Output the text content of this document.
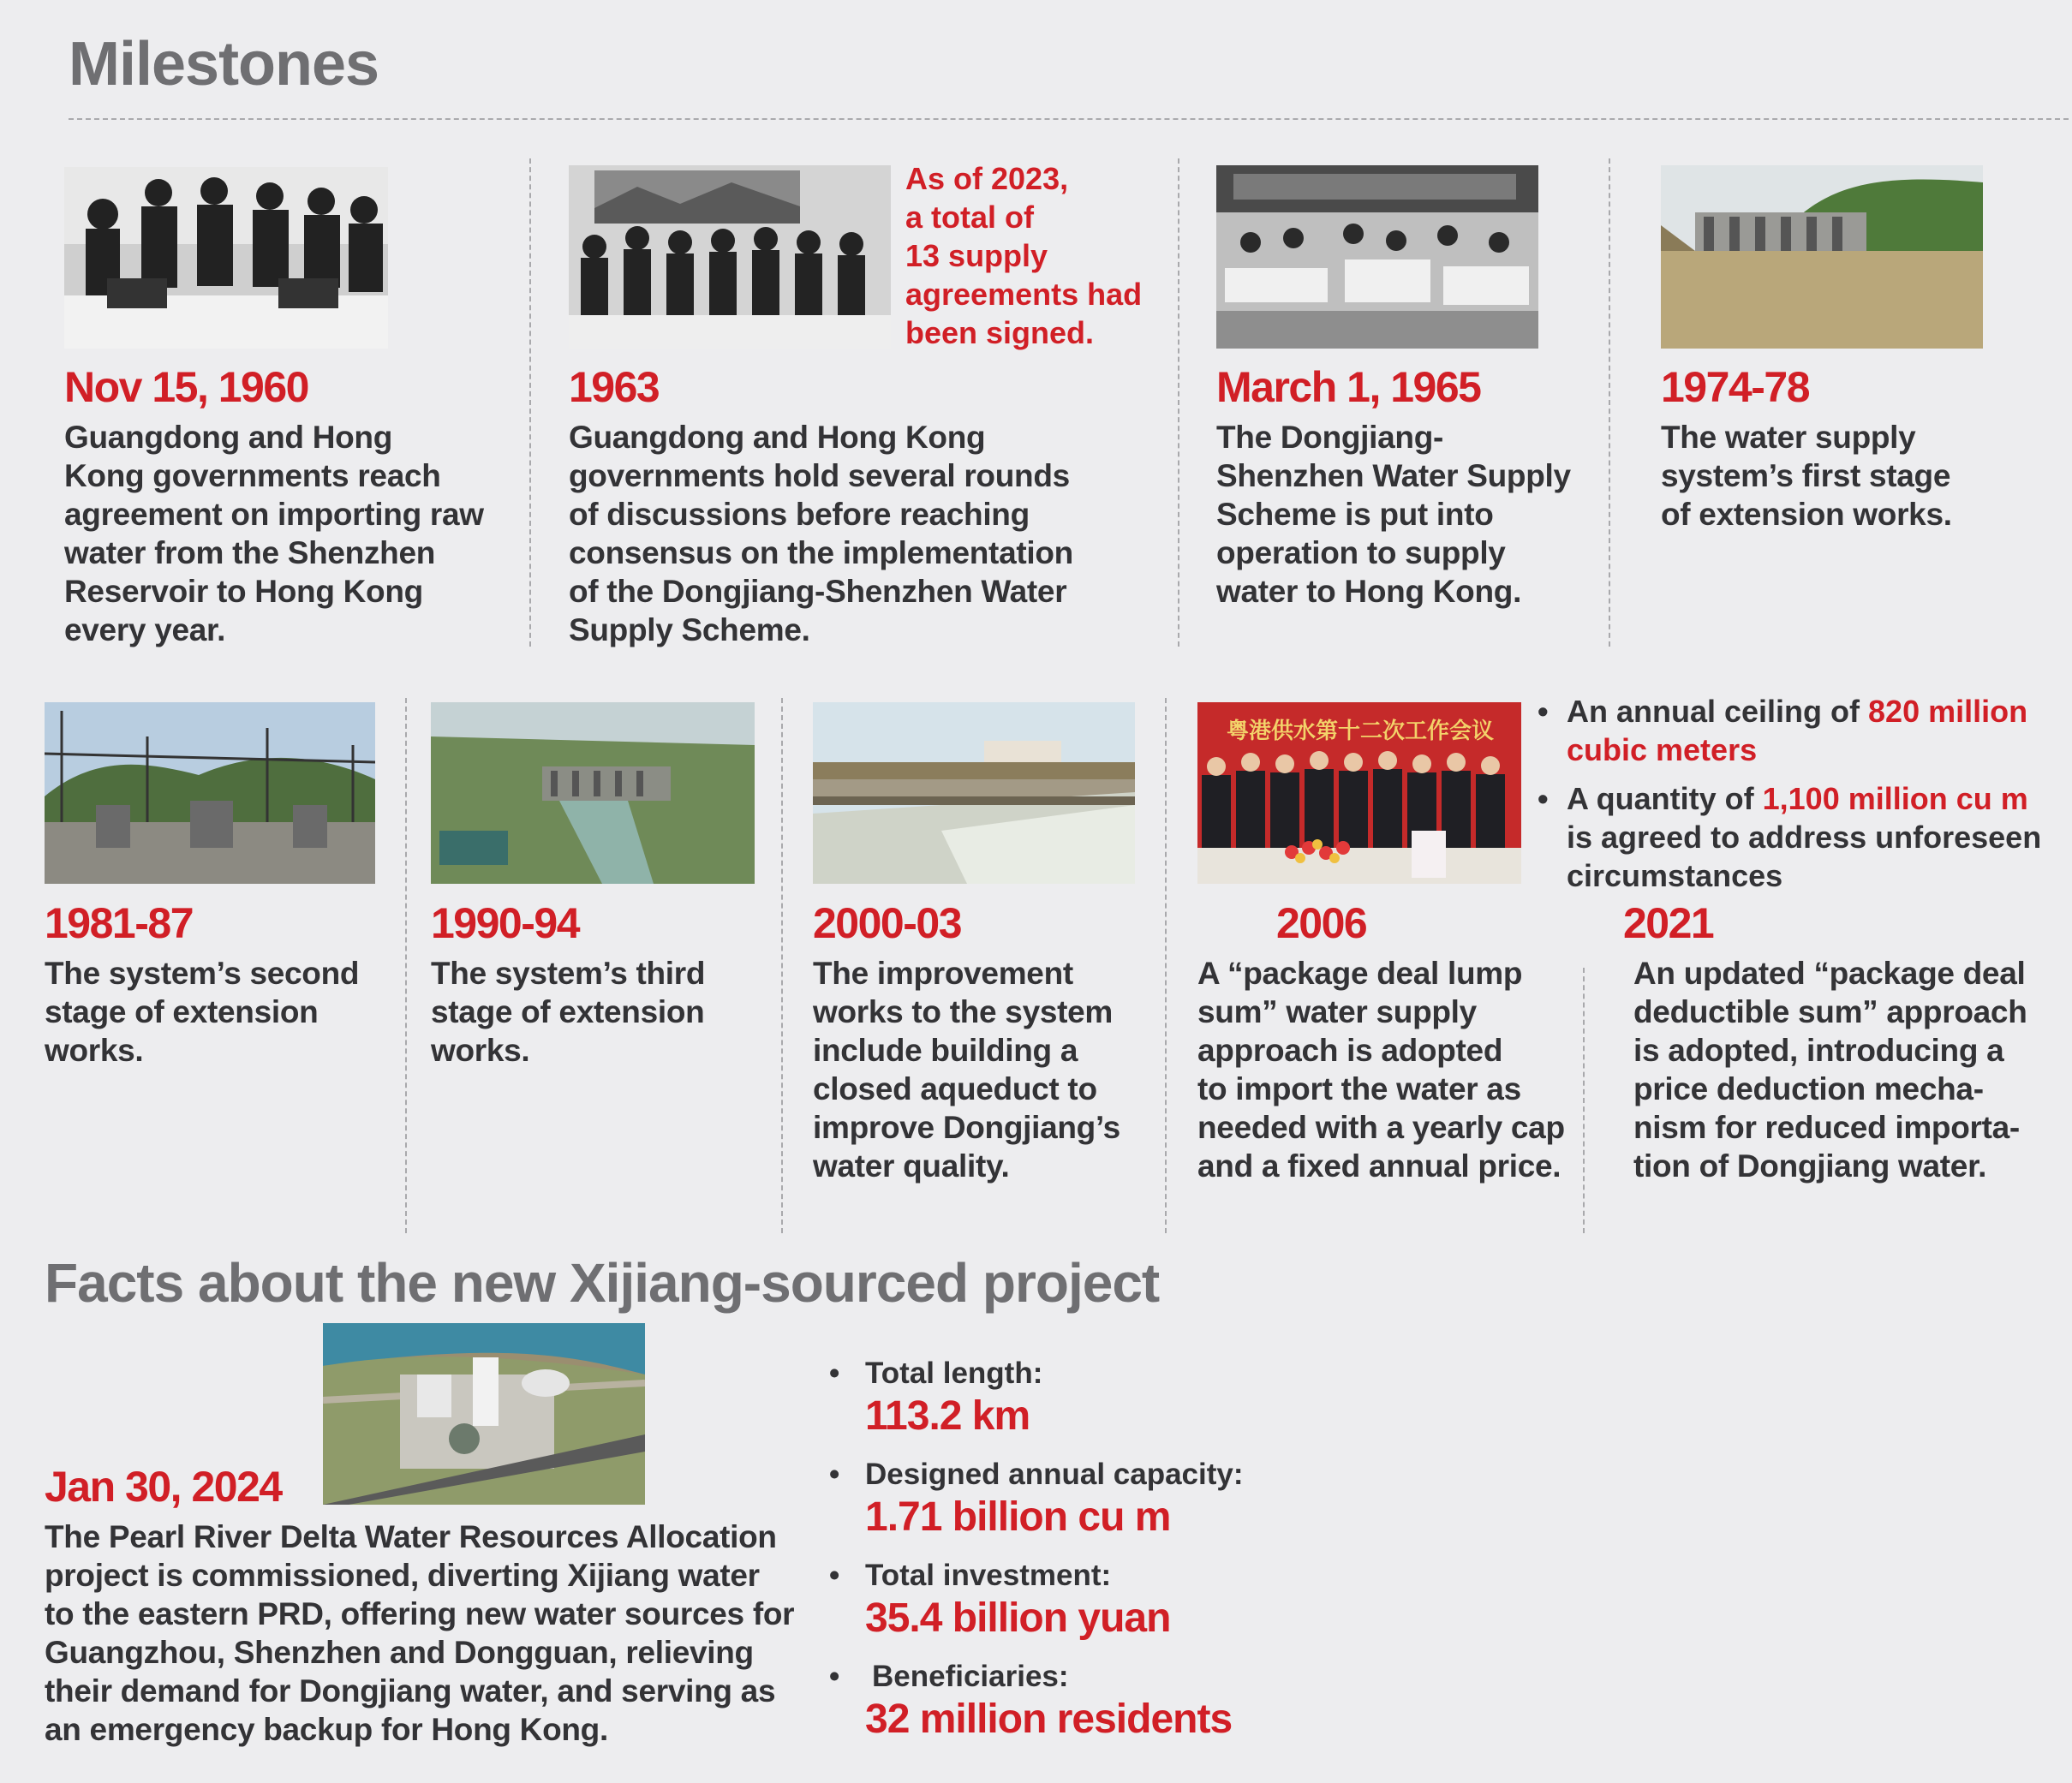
Milestones
Nov 15, 1960

Guangdong and Hong

Kong governments reach

agreement on importing raw

water from the Shenzhen

Reservoir to Hong Kong

every year.

As of 2023,

a total of

13 supply

agreements had

been signed.

1963

Guangdong and Hong Kong

governments hold several rounds

of discussions before reaching

consensus on the implementation

of the Dongjiang-Shenzhen Water

Supply Scheme.

March 1, 1965

The Dongjiang-

Shenzhen Water Supply

Scheme is put into

operation to supply

water to Hong Kong.

1974-78

The water supply

system’s first stage

of extension works.

1981-87

The system’s second

stage of extension

works.

1990-94

The system’s third

stage of extension

works.

2000-03

The improvement

works to the system

include building a

closed aqueduct to

improve Dongjiang’s

water quality.

粤港供水第十二次工作会议
2006

A “package deal lump

sum” water supply

approach is adopted

to import the water as

needed with a yearly cap

and a fixed annual price.

• An annual ceiling of 820 million
cubic meters
• A quantity of 1,100 million cu m
is agreed to address unforeseen
circumstances
2021

An updated “package deal

deductible sum” approach

is adopted, introducing a

price deduction mecha-

nism for reduced importa-

tion of Dongjiang water.

Facts about the new Xijiang-sourced project
Jan 30, 2024

The Pearl River Delta Water Resources Allocation

project is commissioned, diverting Xijiang water

to the eastern PRD, offering new water sources for

Guangzhou, Shenzhen and Dongguan, relieving

their demand for Dongjiang water, and serving as

an emergency backup for Hong Kong.

• Total length:
113.2 km
• Designed annual capacity:
1.71 billion cu m
• Total investment:
35.4 billion yuan
• Beneficiaries:
32 million residents
